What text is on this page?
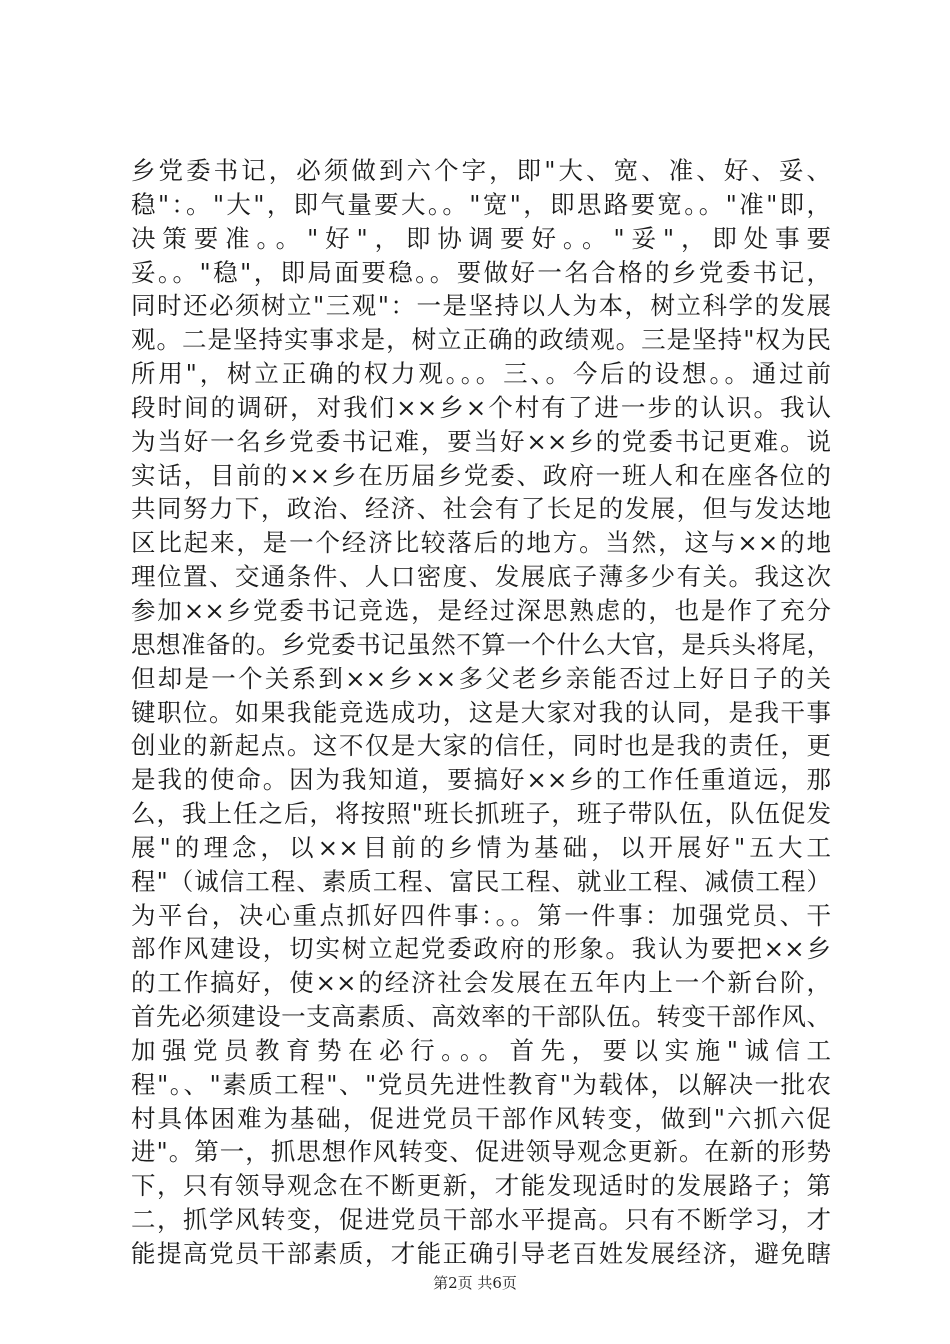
乡党委书记，必须做到六个字，即"大、宽、准、好、妥、
稳"：。"大"，即气量要大。。"宽"，即思路要宽。。"准"即，
决策要准。。"好"，即协调要好。。"妥"，即处事要
妥。。"稳"，即局面要稳。。要做好一名合格的乡党委书记，
同时还必须树立"三观"：一是坚持以人为本，树立科学的发展
观。二是坚持实事求是，树立正确的政绩观。三是坚持"权为民
所用"，树立正确的权力观。。。三、。今后的设想。。通过前
段时间的调研，对我们××乡×个村有了进一步的认识。我认
为当好一名乡党委书记难，要当好××乡的党委书记更难。说
实话，目前的××乡在历届乡党委、政府一班人和在座各位的
共同努力下，政治、经济、社会有了长足的发展，但与发达地
区比起来，是一个经济比较落后的地方。当然，这与××的地
理位置、交通条件、人口密度、发展底子薄多少有关。我这次
参加××乡党委书记竞选，是经过深思熟虑的，也是作了充分
思想准备的。乡党委书记虽然不算一个什么大官，是兵头将尾，
但却是一个关系到××乡××多父老乡亲能否过上好日子的关
键职位。如果我能竞选成功，这是大家对我的认同，是我干事
创业的新起点。这不仅是大家的信任，同时也是我的责任，更
是我的使命。因为我知道，要搞好××乡的工作任重道远，那
么，我上任之后，将按照"班长抓班子，班子带队伍，队伍促发
展"的理念，以××目前的乡情为基础，以开展好"五大工
程"（诚信工程、素质工程、富民工程、就业工程、减债工程）
为平台，决心重点抓好四件事：。。第一件事：加强党员、干
部作风建设，切实树立起党委政府的形象。我认为要把××乡
的工作搞好，使××的经济社会发展在五年内上一个新台阶，
首先必须建设一支高素质、高效率的干部队伍。转变干部作风、
加强党员教育势在必行。。。首先，要以实施"诚信工
程"。、"素质工程"、"党员先进性教育"为载体，以解决一批农
村具体困难为基础，促进党员干部作风转变，做到"六抓六促
进"。第一，抓思想作风转变、促进领导观念更新。在新的形势
下，只有领导观念在不断更新，才能发现适时的发展路子；第
二，抓学风转变，促进党员干部水平提高。只有不断学习，才
能提高党员干部素质，才能正确引导老百姓发展经济，避免瞎
第2页 共6页
